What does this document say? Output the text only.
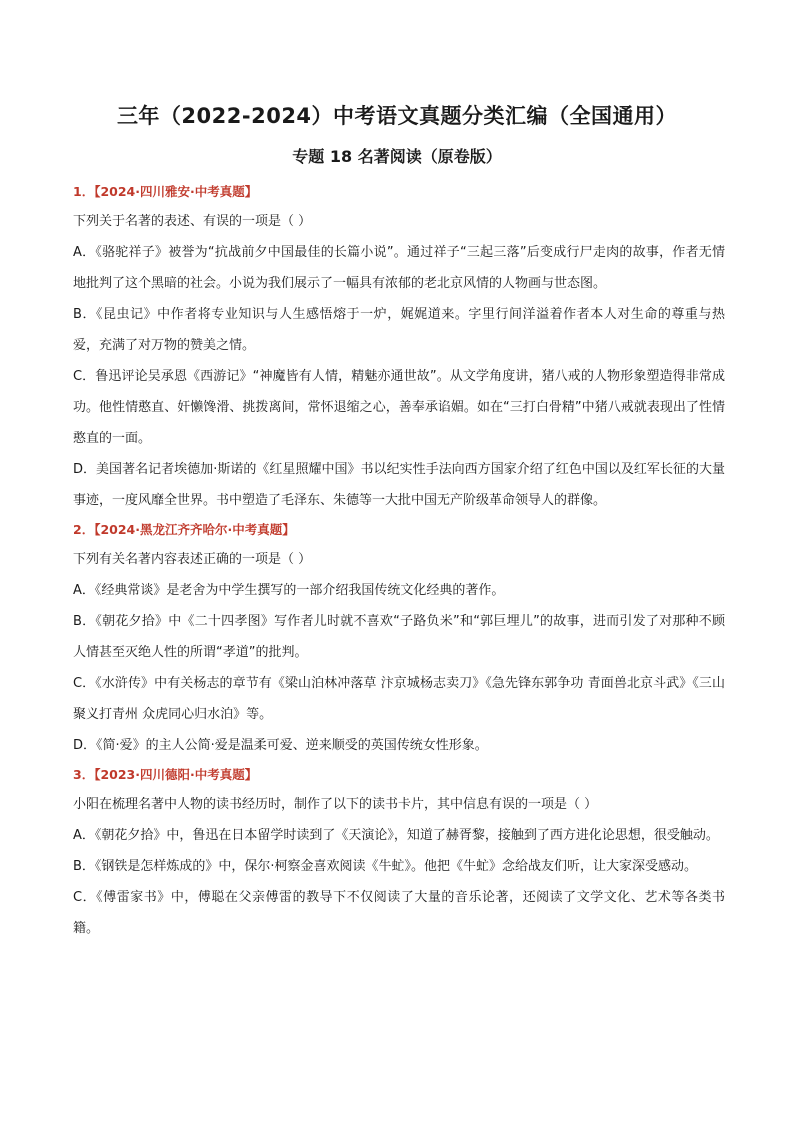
三年（2022-2024）中考语文真题分类汇编（全国通用）
专题 18 名著阅读（原卷版）
1．【2024·四川雅安·中考真题】
下列关于名著的表述、有误的一项是（ ）
A．《骆驼祥子》被誉为“抗战前夕中国最佳的长篇小说”。通过祥子“三起三落”后变成行尸走肉的故事，作者无情地批判了这个黑暗的社会。小说为我们展示了一幅具有浓郁的老北京风情的人物画与世态图。
B．《昆虫记》中作者将专业知识与人生感悟熔于一炉，娓娓道来。字里行间洋溢着作者本人对生命的尊重与热爱，充满了对万物的赞美之情。
C．鲁迅评论吴承恩《西游记》“神魔皆有人情，精魅亦通世故”。从文学角度讲，猪八戒的人物形象塑造得非常成功。他性情憨直、奸懒馋滑、挑拨离间，常怀退缩之心，善奉承谄媚。如在“三打白骨精”中猪八戒就表现出了性情憨直的一面。
D．美国著名记者埃德加·斯诺的《红星照耀中国》书以纪实性手法向西方国家介绍了红色中国以及红军长征的大量事迹，一度风靡全世界。书中塑造了毛泽东、朱德等一大批中国无产阶级革命领导人的群像。
2．【2024·黑龙江齐齐哈尔·中考真题】
下列有关名著内容表述正确的一项是（ ）
A．《经典常谈》是老舍为中学生撰写的一部介绍我国传统文化经典的著作。
B．《朝花夕拾》中《二十四孝图》写作者儿时就不喜欢“子路负米”和“郭巨埋儿”的故事，进而引发了对那种不顾人情甚至灭绝人性的所谓“孝道”的批判。
C．《水浒传》中有关杨志的章节有《梁山泊林冲落草 汴京城杨志卖刀》《急先锋东郭争功 青面兽北京斗武》《三山聚义打青州 众虎同心归水泊》等。
D．《简·爱》的主人公简·爱是温柔可爱、逆来顺受的英国传统女性形象。
3．【2023·四川德阳·中考真题】
小阳在梳理名著中人物的读书经历时，制作了以下的读书卡片，其中信息有误的一项是（ ）
A．《朝花夕拾》中，鲁迅在日本留学时读到了《天演论》，知道了赫胥黎，接触到了西方进化论思想，很受触动。
B．《钢铁是怎样炼成的》中，保尔·柯察金喜欢阅读《牛虻》。他把《牛虻》念给战友们听，让大家深受感动。
C．《傅雷家书》中，傅聪在父亲傅雷的教导下不仅阅读了大量的音乐论著，还阅读了文学文化、艺术等各类书籍。
